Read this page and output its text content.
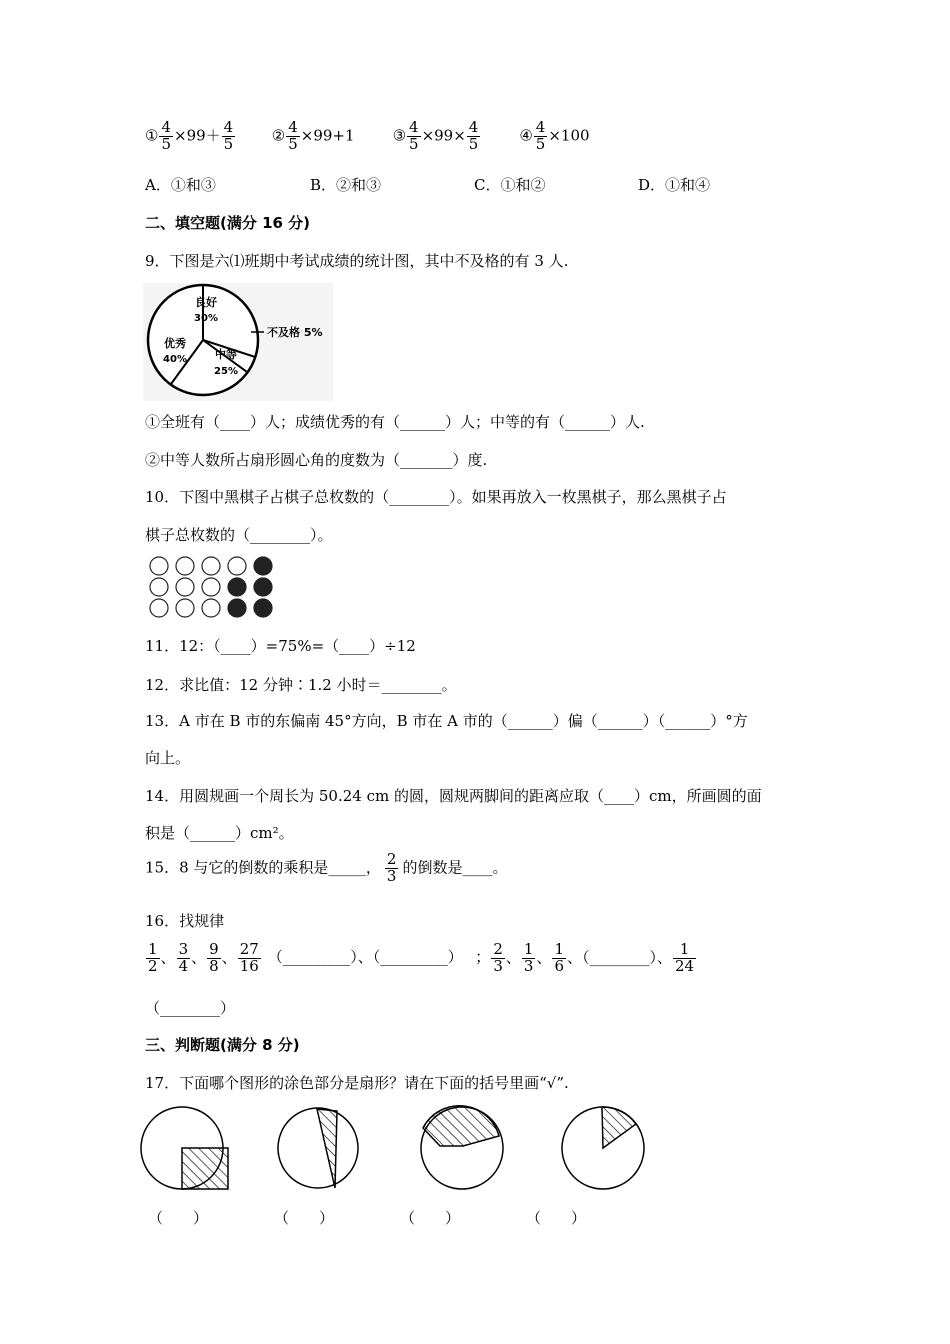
① $\frac{4}{5} \times 99+ \frac{4}{5}$ ② $\frac{4}{5} \times 99+1$	③ $\frac{4}{5} \times 99\times \frac{4}{5}$	④ $\frac{4}{5} \times 100$
A．①和③	B．②和③	C．①和②	D．①和④
二、填空题(满分 16 分)
9．下图是六⑴班期中考试成绩的统计图，其中不及格的有 3 人.
良好
30%
优秀
40%	中等
25%
不及格 5%
①全班有（____）人；成绩优秀的有（______）人；中等的有（______）人.
②中等人数所占扇形圆心角的度数为（_______）度.
10．下图中黑棋子占棋子总枚数的（________）。如果再放入一枚黑棋子，那么黑棋子占
棋子总枚数的（________）。
11．12：（____）=75%=（____）÷12
12．求比值：12 分钟∶1.2 小时＝________。
13．A 市在 B 市的东偏南 45°方向，B 市在 A 市的（______）偏（______）（______）°方
向上。
14．用圆规画一个周长为 50.24 cm 的圆，圆规两脚间的距离应取（____）cm，所画圆的面
积是（______）cm²。
15．8 与它的倒数的乘积是_____， $\frac{2}{3}$ 的倒数是____。
16．找规律
$\frac{1}{2}$ 、 $\frac{3}{4}$ 、 $\frac{9}{8}$ 、 $\frac{27}{16}$ （_________）、（_________） ； $\frac{2}{3}$ 、 $\frac{1}{3}$ 、 $\frac{1}{6}$ 、（________）、 $\frac{1}{24}$
（________）
三、判断题(满分 8 分)
17．下面哪个图形的涂色部分是扇形？请在下面的括号里画“√”.
（　　）	（　　）	（　　）	（　　）
